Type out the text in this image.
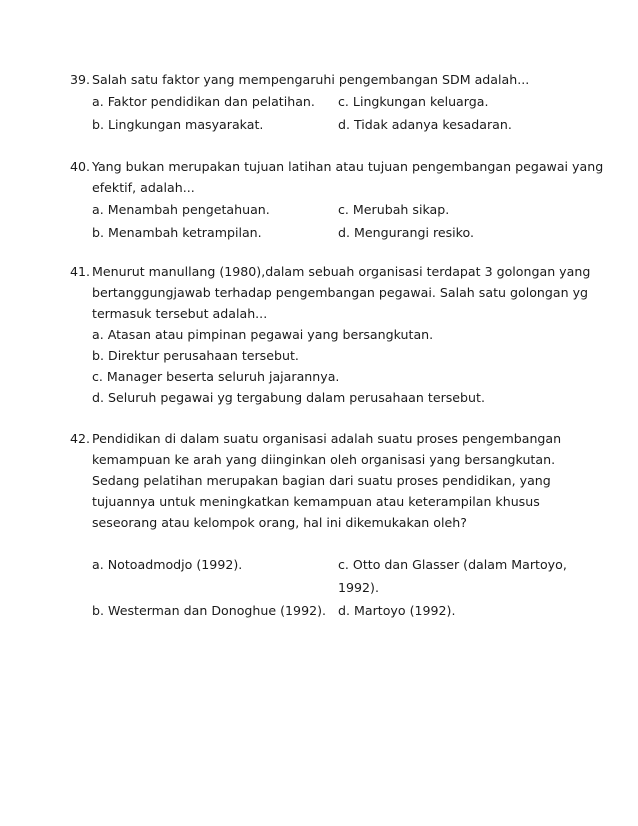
39. Salah satu faktor yang mempengaruhi pengembangan SDM adalah...
a. Faktor pendidikan dan pelatihan. c. Lingkungan keluarga.
b. Lingkungan masyarakat.	d. Tidak adanya kesadaran.
40. Yang bukan merupakan tujuan latihan atau tujuan pengembangan pegawai yang
efektif, adalah...
a. Menambah pengetahuan.	c. Merubah sikap.
b. Menambah ketrampilan.	d. Mengurangi resiko.
41. Menurut manullang (1980),dalam sebuah organisasi terdapat 3 golongan yang
bertanggungjawab terhadap pengembangan pegawai. Salah satu golongan yg
termasuk tersebut adalah...
a. Atasan atau pimpinan pegawai yang bersangkutan.
b. Direktur perusahaan tersebut.
c. Manager beserta seluruh jajarannya.
d. Seluruh pegawai yg tergabung dalam perusahaan tersebut.
42. Pendidikan di dalam suatu organisasi adalah suatu proses pengembangan
kemampuan ke arah yang diinginkan oleh organisasi yang bersangkutan.
Sedang pelatihan merupakan bagian dari suatu proses pendidikan, yang
tujuannya untuk meningkatkan kemampuan atau keterampilan khusus
seseorang atau kelompok orang, hal ini dikemukakan oleh?
a. Notoadmodjo (1992).	c. Otto dan Glasser (dalam Martoyo,
1992).
b. Westerman dan Donoghue (1992). d. Martoyo (1992).
